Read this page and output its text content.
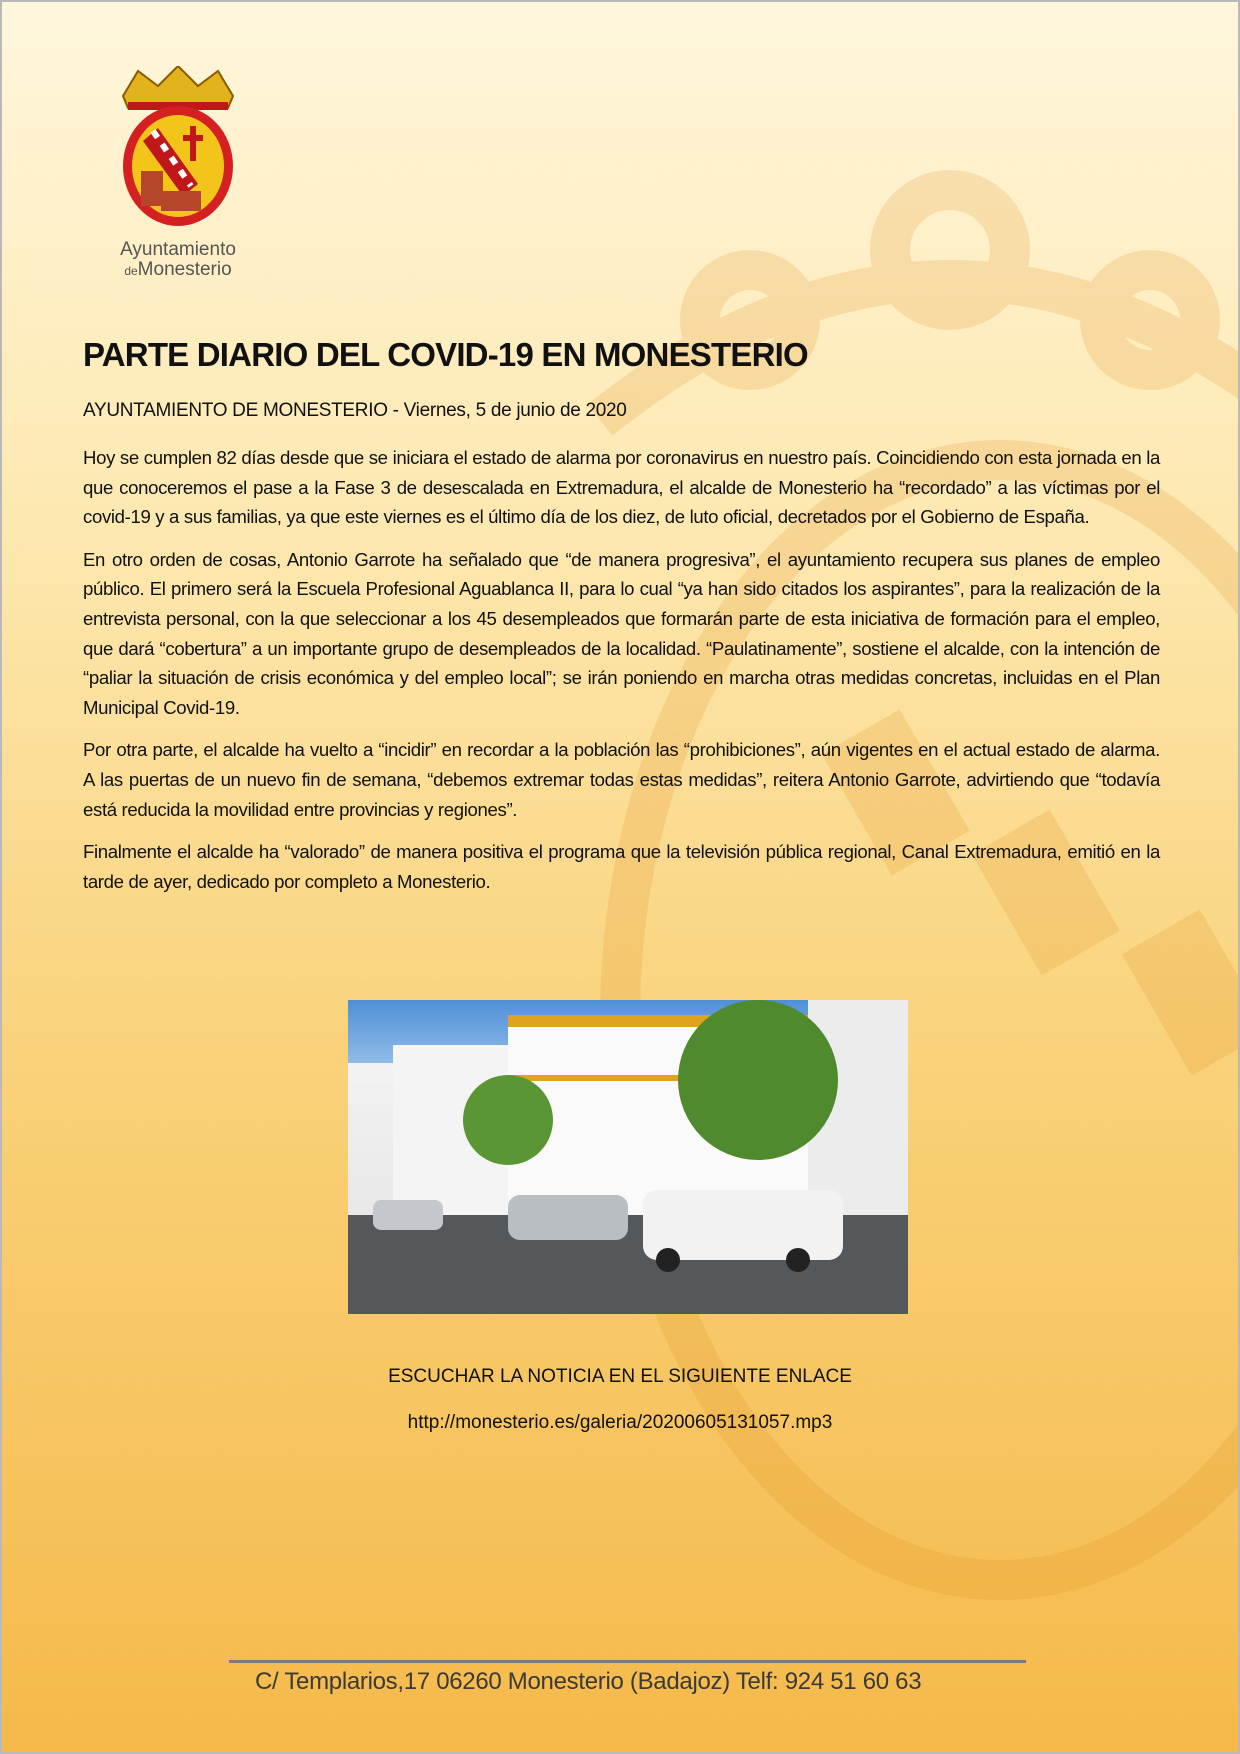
Ayuntamiento
deMonesterio
PARTE DIARIO DEL COVID-19 EN MONESTERIO
AYUNTAMIENTO DE MONESTERIO - Viernes, 5 de junio de 2020

Hoy se cumplen 82 días desde que se iniciara el estado de alarma por coronavirus en nuestro país. Coincidiendo con esta jornada en la que conoceremos el pase a la Fase 3 de desescalada en Extremadura, el alcalde de Monesterio ha “recordado” a las víctimas por el covid-19 y a sus familias, ya que este viernes es el último día de los diez, de luto oficial, decretados por el Gobierno de España.

En otro orden de cosas, Antonio Garrote ha señalado que “de manera progresiva”, el ayuntamiento recupera sus planes de empleo público. El primero será la Escuela Profesional Aguablanca II, para lo cual “ya han sido citados los aspirantes”, para la realización de la entrevista personal, con la que seleccionar a los 45 desempleados que formarán parte de esta iniciativa de formación para el empleo, que dará “cobertura” a un importante grupo de desempleados de la localidad. “Paulatinamente”, sostiene el alcalde, con la intención de “paliar la situación de crisis económica y del empleo local”; se irán poniendo en marcha otras medidas concretas, incluidas en el Plan Municipal Covid-19.

Por otra parte, el alcalde ha vuelto a “incidir” en recordar a la población las “prohibiciones”, aún vigentes en el actual estado de alarma. A las puertas de un nuevo fin de semana, “debemos extremar todas estas medidas”, reitera Antonio Garrote, advirtiendo que “todavía está reducida la movilidad entre provincias y regiones”.

Finalmente el alcalde ha “valorado” de manera positiva el programa que la televisión pública regional, Canal Extremadura, emitió en la tarde de ayer, dedicado por completo a Monesterio.

ESCUCHAR LA NOTICIA EN EL SIGUIENTE ENLACE
http://monesterio.es/galeria/20200605131057.mp3
C/ Templarios,17 06260 Monesterio (Badajoz) Telf: 924 51 60 63
